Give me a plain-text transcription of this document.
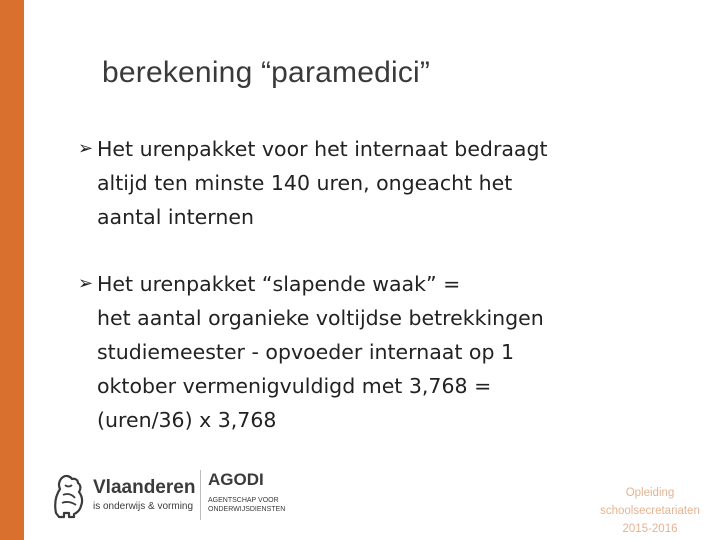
berekening “paramedici”
➢ Het urenpakket voor het internaat bedraagt
altijd ten minste 140 uren, ongeacht het
aantal internen
➢ Het urenpakket “slapende waak” =
het aantal organieke voltijdse betrekkingen
studiemeester - opvoeder internaat op 1
oktober vermenigvuldigd met 3,768 =
(uren/36) x 3,768
Vlaanderen
is onderwijs & vorming
AGODI
AGENTSCHAP VOOR
ONDERWIJSDIENSTEN
Opleiding
schoolsecretariaten
2015-2016
